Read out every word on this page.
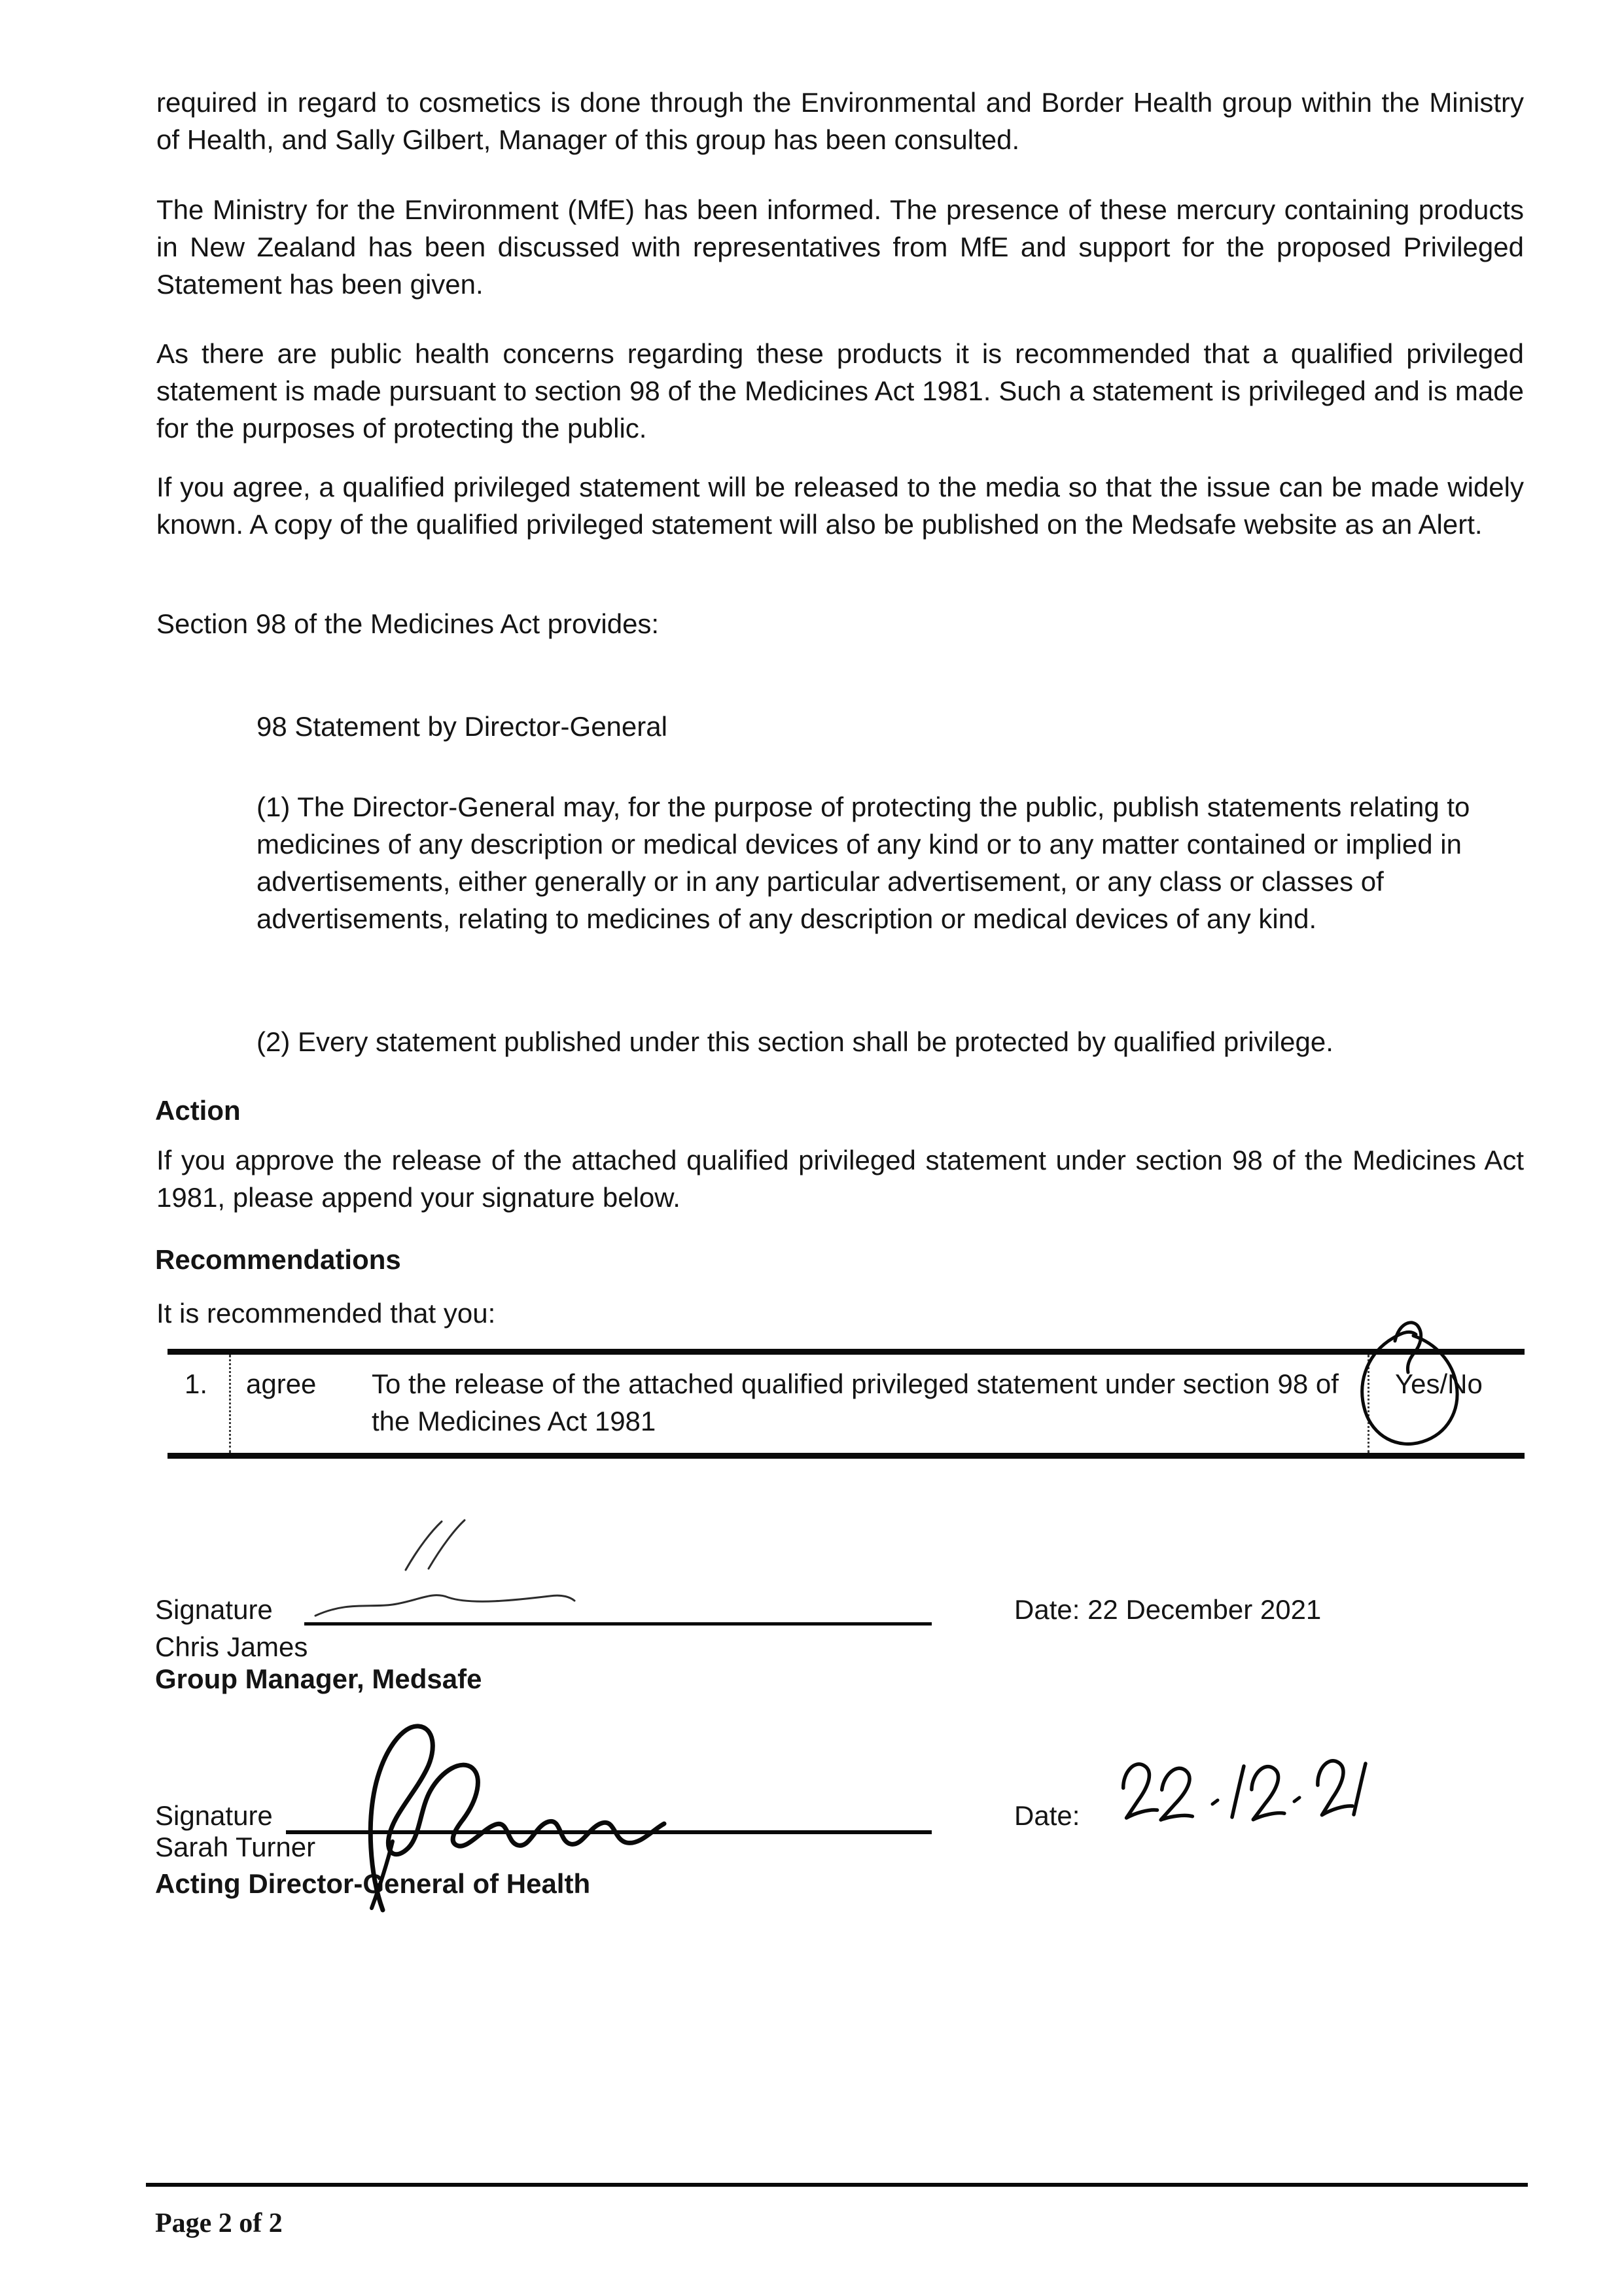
required in regard to cosmetics is done through the Environmental and Border Health group within the Ministry of Health, and Sally Gilbert, Manager of this group has been consulted.

The Ministry for the Environment (MfE) has been informed. The presence of these mercury containing products in New Zealand has been discussed with representatives from MfE and support for the proposed Privileged Statement has been given.

As there are public health concerns regarding these products it is recommended that a qualified privileged statement is made pursuant to section 98 of the Medicines Act 1981. Such a statement is privileged and is made for the purposes of protecting the public.

If you agree, a qualified privileged statement will be released to the media so that the issue can be made widely known. A copy of the qualified privileged statement will also be published on the Medsafe website as an Alert.

Section 98 of the Medicines Act provides:

98 Statement by Director-General

(1) The Director-General may, for the purpose of protecting the public, publish statements relating to medicines of any description or medical devices of any kind or to any matter contained or implied in advertisements, either generally or in any particular advertisement, or any class or classes of advertisements, relating to medicines of any description or medical devices of any kind.

(2) Every statement published under this section shall be protected by qualified privilege.

Action

If you approve the release of the attached qualified privileged statement under section 98 of the Medicines Act 1981, please append your signature below.

Recommendations

It is recommended that you:

1. agree To the release of the attached qualified privileged statement under section 98 of the Medicines Act 1981
Yes/No

Signature	Date: 22 December 2021

Chris James

Group Manager, Medsafe

Signature	Date:

Sarah Turner

Acting Director-General of Health

Page 2 of 2
